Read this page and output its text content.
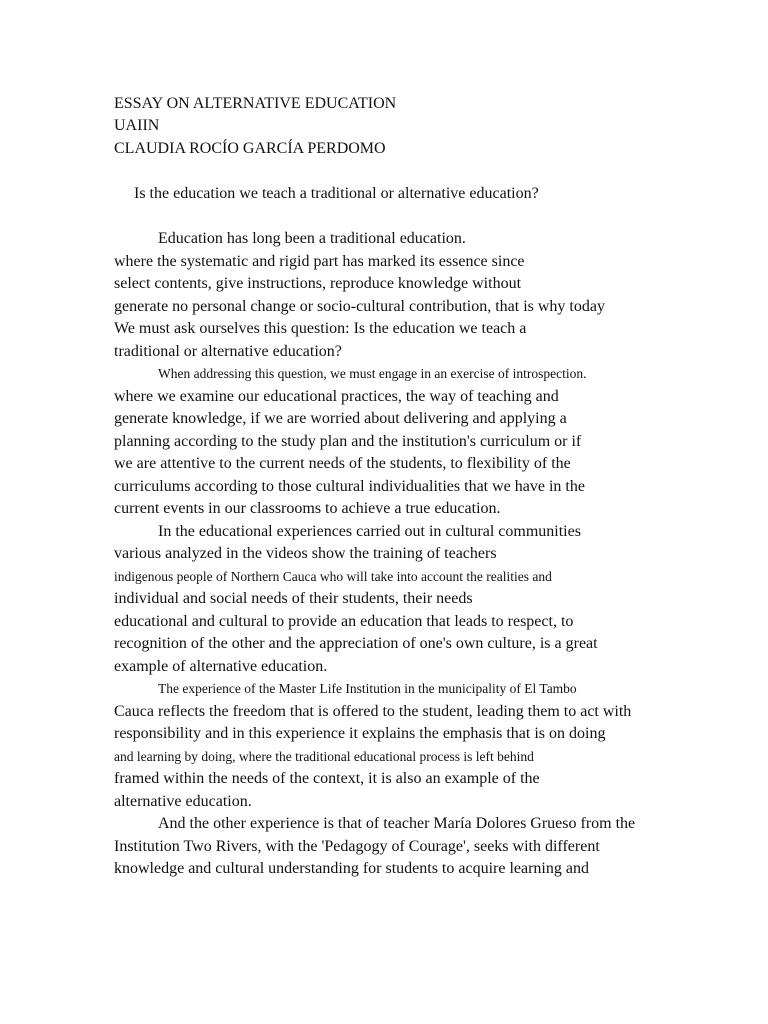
ESSAY ON ALTERNATIVE EDUCATION
UAIIN
CLAUDIA ROCÍO GARCÍA PERDOMO
Is the education we teach a traditional or alternative education?
Education has long been a traditional education.
where the systematic and rigid part has marked its essence since
select contents, give instructions, reproduce knowledge without
generate no personal change or socio-cultural contribution, that is why today
We must ask ourselves this question: Is the education we teach a
traditional or alternative education?
When addressing this question, we must engage in an exercise of introspection.
where we examine our educational practices, the way of teaching and
generate knowledge, if we are worried about delivering and applying a
planning according to the study plan and the institution's curriculum or if
we are attentive to the current needs of the students, to flexibility of the
curriculums according to those cultural individualities that we have in the
current events in our classrooms to achieve a true education.
In the educational experiences carried out in cultural communities
various analyzed in the videos show the training of teachers
indigenous people of Northern Cauca who will take into account the realities and
individual and social needs of their students, their needs
educational and cultural to provide an education that leads to respect, to
recognition of the other and the appreciation of one's own culture, is a great
example of alternative education.
The experience of the Master Life Institution in the municipality of El Tambo
Cauca reflects the freedom that is offered to the student, leading them to act with
responsibility and in this experience it explains the emphasis that is on doing
and learning by doing, where the traditional educational process is left behind
framed within the needs of the context, it is also an example of the
alternative education.
And the other experience is that of teacher María Dolores Grueso from the
Institution Two Rivers, with the 'Pedagogy of Courage', seeks with different
knowledge and cultural understanding for students to acquire learning and
